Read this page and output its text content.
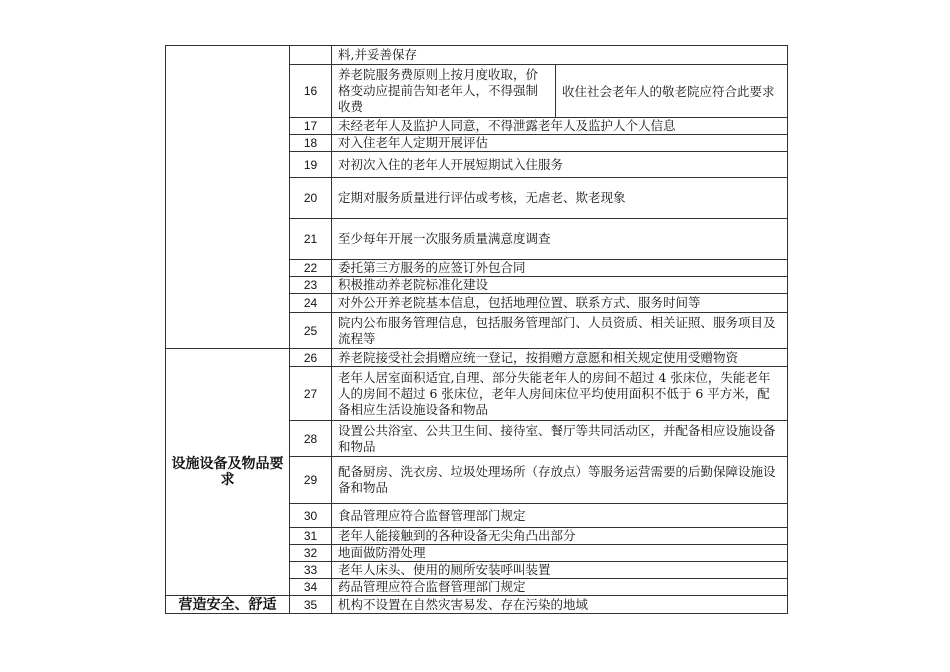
		料,并妥善保存	
	16	养老院服务费原则上按月度收取，价格变动应提前告知老年人，不得强制收费	收住社会老年人的敬老院应符合此要求
	17	未经老年人及监护人同意，不得泄露老年人及监护人个人信息	
	18	对入住老年人定期开展评估	
	19	对初次入住的老年人开展短期试入住服务	
	20	定期对服务质量进行评估或考核，无虐老、欺老现象	
	21	至少每年开展一次服务质量满意度调查	
	22	委托第三方服务的应签订外包合同	
	23	积极推动养老院标准化建设	
	24	对外公开养老院基本信息，包括地理位置、联系方式、服务时间等	
	25	院内公布服务管理信息，包括服务管理部门、人员资质、相关证照、服务项目及流程等	
设施设备及物品要求	26	养老院接受社会捐赠应统一登记，按捐赠方意愿和相关规定使用受赠物资	
	27	老年人居室面积适宜,自理、部分失能老年人的房间不超过 4 张床位，失能老年人的房间不超过 6 张床位，老年人房间床位平均使用面积不低于 6 平方米，配备相应生活设施设备和物品	
	28	设置公共浴室、公共卫生间、接待室、餐厅等共同活动区，并配备相应设施设备和物品	
	29	配备厨房、洗衣房、垃圾处理场所（存放点）等服务运营需要的后勤保障设施设备和物品	
	30	食品管理应符合监督管理部门规定	
	31	老年人能接触到的各种设备无尖角凸出部分	
	32	地面做防滑处理	
	33	老年人床头、使用的厕所安装呼叫装置	
	34	药品管理应符合监督管理部门规定	
营造安全、舒适	35	机构不设置在自然灾害易发、存在污染的地域	
